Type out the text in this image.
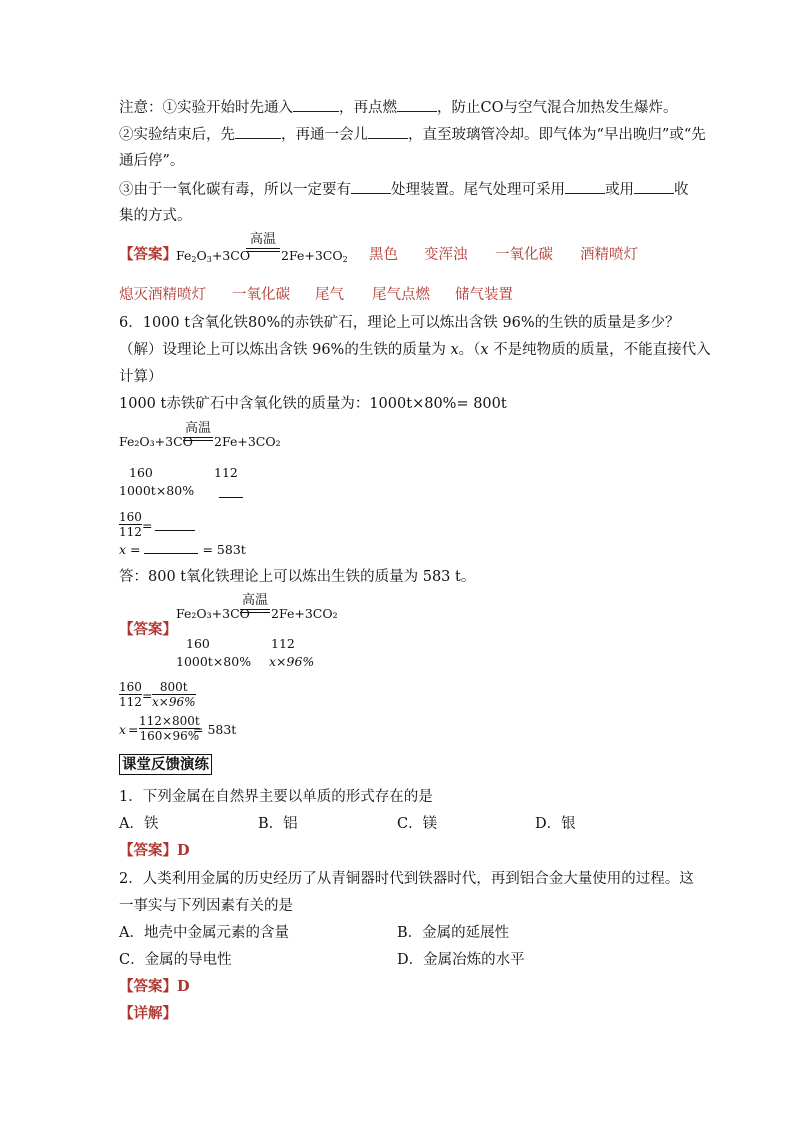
注意：①实验开始时先通入	，再点燃	，防止CO与空气混合加热发生爆炸。
②实验结束后，先	，再通一会儿	，直至玻璃管冷却。即气体为“早出晚归”或“先
通后停”。
③由于一氧化碳有毒，所以一定要有	处理装置。尾气处理可采用	或用	收
集的方式。
【答案】 $Fe_2O_3+3CO$
高温
$2Fe+3CO_2$ 黑色 变浑浊 一氧化碳 酒精喷灯
熄灭酒精喷灯 一氧化碳 尾气 尾气点燃 储气装置
6．1000 t含氧化铁80%的赤铁矿石，理论上可以炼出含铁 96%的生铁的质量是多少？
（解）设理论上可以炼出含铁 96%的生铁的质量为 x。（x 不是纯物质的质量，不能直接代入
计算）
1000 t赤铁矿石中含氧化铁的质量为：1000t×80%= 800t
Fe₂O₃+3CO
高温
2Fe+3CO₂
160	112
1000t×80%
160
112 =
x =	= 583t
答：800 t氧化铁理论上可以炼出生铁的质量为 583 t。
Fe₂O₃+3CO
高温
2Fe+3CO₂
【答案】
160	112
1000t×80% x×96%
160
112 =
800t
x×96%
x =
112×800t
160×96%
= 583t
课堂反馈演练
1．下列金属在自然界主要以单质的形式存在的是
A．铁	B．铝	C．镁	D．银
【答案】D
2．人类利用金属的历史经历了从青铜器时代到铁器时代，再到铝合金大量使用的过程。这
一事实与下列因素有关的是
A．地壳中金属元素的含量	B．金属的延展性
C．金属的导电性	D．金属冶炼的水平
【答案】D
【详解】
